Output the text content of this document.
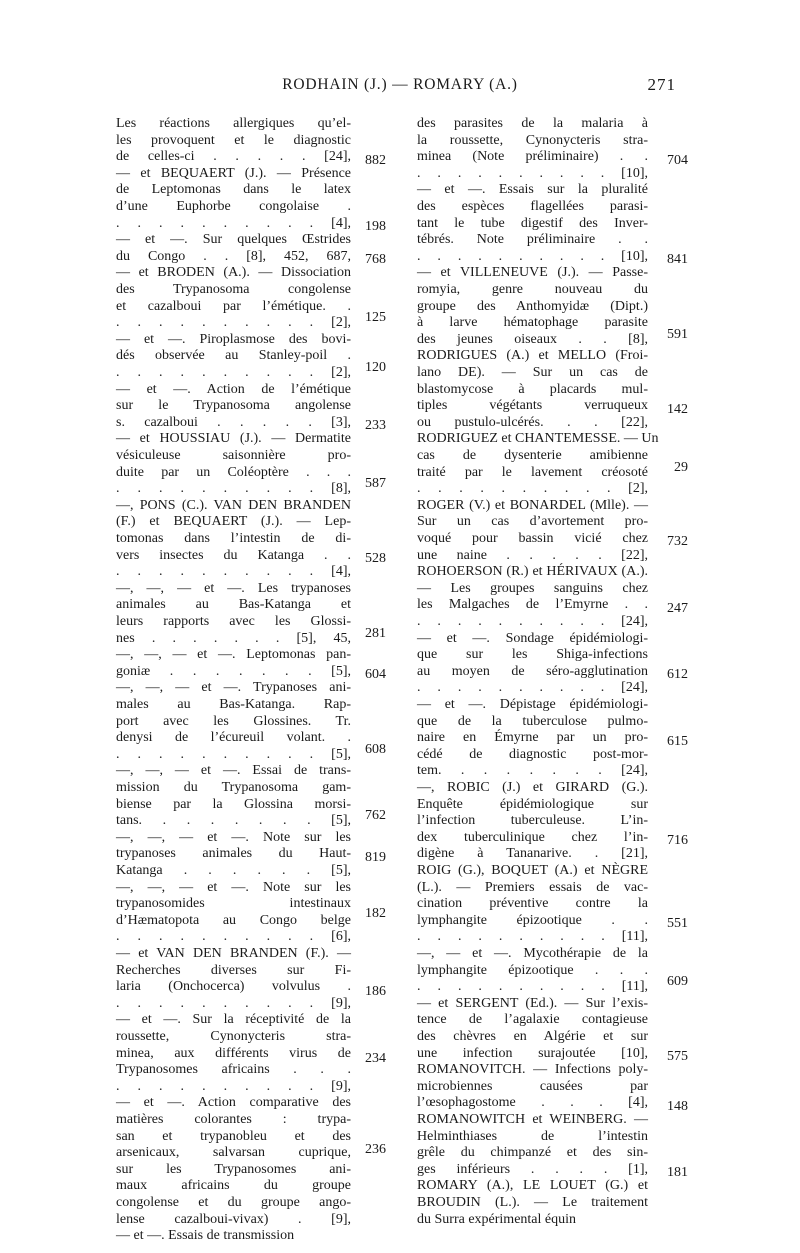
RODHAIN (J.) — ROMARY (A.)	271
Les réactions allergiques qu’el-
les provoquent et le diagnostic
de celles-ci . . . . . [24],
— et BEQUAERT (J.). — Présence
de Leptomonas dans le latex
d’une Euphorbe congolaise .
. . . . . . . . . . [4],
— et —. Sur quelques Œstrides
du Congo . . [8], 452, 687,
— et BRODEN (A.). — Dissociation
des Trypanosoma congolense
et cazalboui par l’émétique. .
. . . . . . . . . . [2],
— et —. Piroplasmose des bovi-
dés observée au Stanley-poil .
. . . . . . . . . . [2],
— et —. Action de l’émétique
sur le Trypanosoma angolense
s. cazalboui . . . . . [3],
— et HOUSSIAU (J.). — Dermatite
vésiculeuse saisonnière pro-
duite par un Coléoptère . . .
. . . . . . . . . . [8],
—, PONS (C.). VAN DEN BRANDEN
(F.) et BEQUAERT (J.). — Lep-
tomonas dans l’intestin de di-
vers insectes du Katanga . .
. . . . . . . . . . [4],
—, —, — et —. Les trypanoses
animales au Bas-Katanga et
leurs rapports avec les Glossi-
nes . . . . . . . [5], 45,
—, —, — et —. Leptomonas pan-
goniæ . . . . . . . [5],
—, —, — et —. Trypanoses ani-
males au Bas-Katanga. Rap-
port avec les Glossines. Tr.
denysi de l’écureuil volant. .
. . . . . . . . . . [5],
—, —, — et —. Essai de trans-
mission du Trypanosoma gam-
biense par la Glossina morsi-
tans. . . . . . . . [5],
—, —, — et —. Note sur les
trypanoses animales du Haut-
Katanga . . . . . . [5],
—, —, — et —. Note sur les
trypanosomides intestinaux
d’Hæmatopota au Congo belge
. . . . . . . . . . [6],
— et VAN DEN BRANDEN (F.). —
Recherches diverses sur Fi-
laria (Onchocerca) volvulus .
. . . . . . . . . . [9],
— et —. Sur la réceptivité de la
roussette, Cynonycteris stra-
minea, aux différents virus de
Trypanosomes africains . . .
. . . . . . . . . . [9],
— et —. Action comparative des
matières colorantes : trypa-
san et trypanobleu et des
arsenicaux, salvarsan cuprique,
sur les Trypanosomes ani-
maux africains du groupe
congolense et du groupe ango-
lense cazalboui-vivax) . [9],
— et —. Essais de transmission
882
198
768
125
120
233
587
528
281
604
608
762
819
182
186
234
236
des parasites de la malaria à
la roussette, Cynonycteris stra-
minea (Note préliminaire) . .
. . . . . . . . . . [10],
— et —. Essais sur la pluralité
des espèces flagellées parasi-
tant le tube digestif des Inver-
tébrés. Note préliminaire . .
. . . . . . . . . . [10],
— et VILLENEUVE (J.). — Passe-
romyia, genre nouveau du
groupe des Anthomyidæ (Dipt.)
à larve hématophage parasite
des jeunes oiseaux . . [8],
RODRIGUES (A.) et MELLO (Froi-
lano DE). — Sur un cas de
blastomycose à placards mul-
tiples végétants verruqueux
ou pustulo-ulcérés. . . [22],
RODRIGUEZ et CHANTEMESSE. — Un
cas de dysenterie amibienne
traité par le lavement créosoté
. . . . . . . . . . [2],
ROGER (V.) et BONARDEL (Mlle). —
Sur un cas d’avortement pro-
voqué pour bassin vicié chez
une naine . . . . . [22],
ROHOERSON (R.) et HÉRIVAUX (A.).
— Les groupes sanguins chez
les Malgaches de l’Emyrne . .
. . . . . . . . . . [24],
— et —. Sondage épidémiologi-
que sur les Shiga-infections
au moyen de séro-agglutination
. . . . . . . . . . [24],
— et —. Dépistage épidémiologi-
que de la tuberculose pulmo-
naire en Émyrne par un pro-
cédé de diagnostic post-mor-
tem. . . . . . . . [24],
—, ROBIC (J.) et GIRARD (G.).
Enquête épidémiologique sur
l’infection tuberculeuse. L’in-
dex tuberculinique chez l’in-
digène à Tananarive. . [21],
ROIG (G.), BOQUET (A.) et NÈGRE
(L.). — Premiers essais de vac-
cination préventive contre la
lymphangite épizootique . .
. . . . . . . . . . [11],
—, — et —. Mycothérapie de la
lymphangite épizootique . . .
. . . . . . . . . . [11],
— et SERGENT (Ed.). — Sur l’exis-
tence de l’agalaxie contagieuse
des chèvres en Algérie et sur
une infection surajoutée [10],
ROMANOVITCH. — Infections poly-
microbiennes causées par
l’œsophagostome . . . [4],
ROMANOWITCH et WEINBERG. —
Helminthiases de l’intestin
grêle du chimpanzé et des sin-
ges inférieurs . . . . [1],
ROMARY (A.), LE LOUET (G.) et
BROUDIN (L.). — Le traitement
du Surra expérimental équin
704
841
591
142
29
732
247
612
615
716
551
609
575
148
181
